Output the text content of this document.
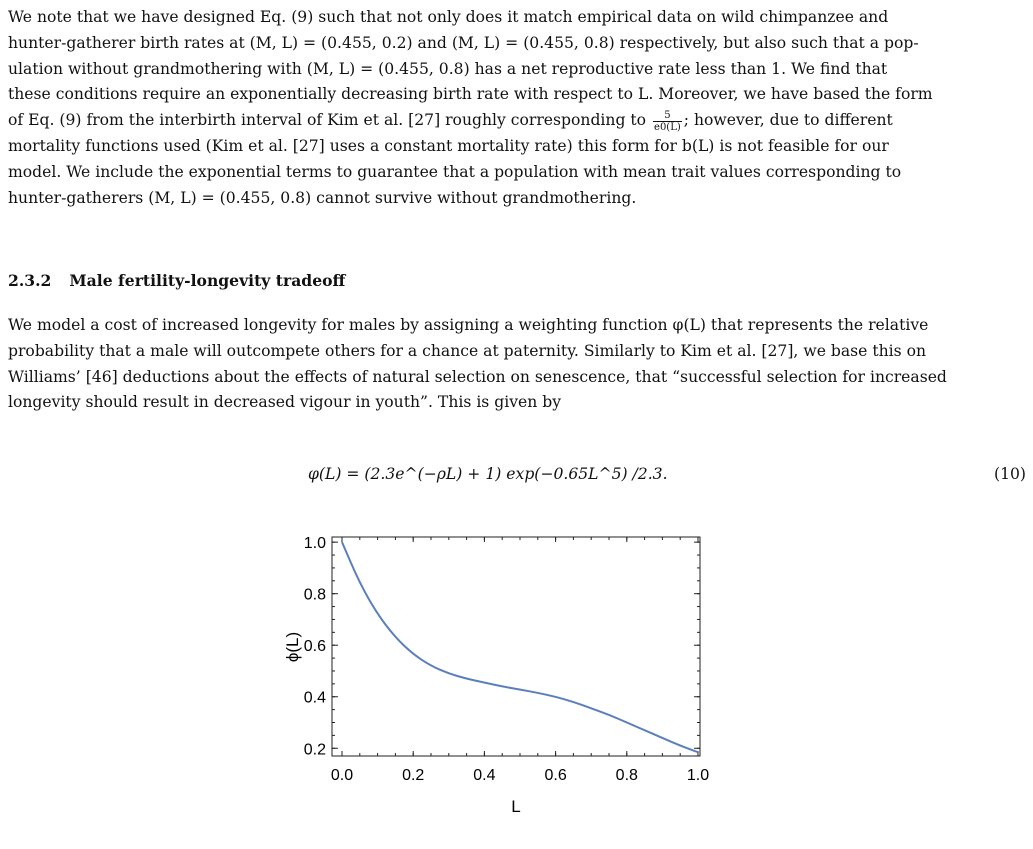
We note that we have designed Eq. (9) such that not only does it match empirical data on wild chimpanzee and
hunter-gatherer birth rates at (M, L) = (0.455, 0.2) and (M, L) = (0.455, 0.8) respectively, but also such that a pop-
ulation without grandmothering with (M, L) = (0.455, 0.8) has a net reproductive rate less than 1. We find that
these conditions require an exponentially decreasing birth rate with respect to L. Moreover, we have based the form
of Eq. (9) from the interbirth interval of Kim et al. [27] roughly corresponding to $\frac{5}{e0(L)}$ ; however, due to different
mortality functions used (Kim et al. [27] uses a constant mortality rate) this form for b(L) is not feasible for our
model. We include the exponential terms to guarantee that a population with mean trait values corresponding to
hunter-gatherers (M, L) = (0.455, 0.8) cannot survive without grandmothering.
2.3.2 Male fertility-longevity tradeoff
We model a cost of increased longevity for males by assigning a weighting function φ(L) that represents the relative
probability that a male will outcompete others for a chance at paternity. Similarly to Kim et al. [27], we base this on
Williams’ [46] deductions about the effects of natural selection on senescence, that “successful selection for increased
longevity should result in decreased vigour in youth”. This is given by
φ(L) = (2.3e^(−ρL) + 1) exp(−0.65L^5) /2.3.	(10)
0.0	0.2	0.4	0.6	0.8	1.0
0.2
0.4
0.6
0.8
1.0
L
ϕ(L)
